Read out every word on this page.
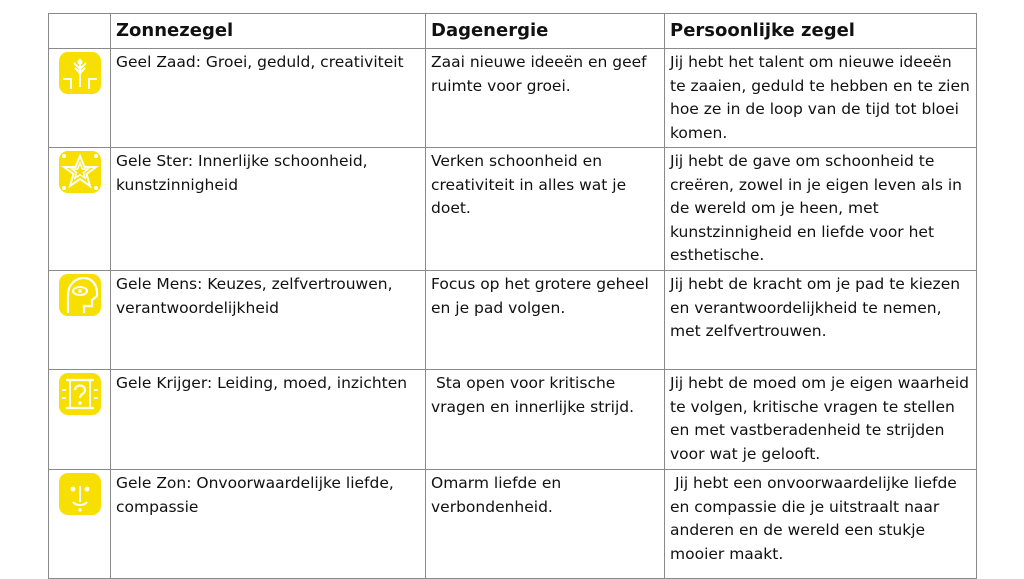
	Zonnezegel	Dagenergie	Persoonlijke zegel

	Geel Zaad: Groei, geduld, creativiteit	Zaai nieuwe ideeën en geef ruimte voor groei.	Jij hebt het talent om nieuwe ideeën te zaaien, geduld te hebben en te zien hoe ze in de loop van de tijd tot bloei komen.

	Gele Ster: Innerlijke schoonheid, kunstzinnigheid	Verken schoonheid en creativiteit in alles wat je doet.	Jij hebt de gave om schoonheid te creëren, zowel in je eigen leven als in de wereld om je heen, met kunstzinnigheid en liefde voor het esthetische.

	Gele Mens: Keuzes, zelfvertrouwen, verantwoordelijkheid	Focus op het grotere geheel en je pad volgen.	Jij hebt de kracht om je pad te kiezen en verantwoordelijkheid te nemen, met zelfvertrouwen.

	Gele Krijger: Leiding, moed, inzichten	Sta open voor kritische vragen en innerlijke strijd.	Jij hebt de moed om je eigen waarheid te volgen, kritische vragen te stellen en met vastberadenheid te strijden voor wat je gelooft.

	Gele Zon: Onvoorwaardelijke liefde, compassie	Omarm liefde en verbondenheid.	Jij hebt een onvoorwaardelijke liefde en compassie die je uitstraalt naar anderen en de wereld een stukje mooier maakt.
